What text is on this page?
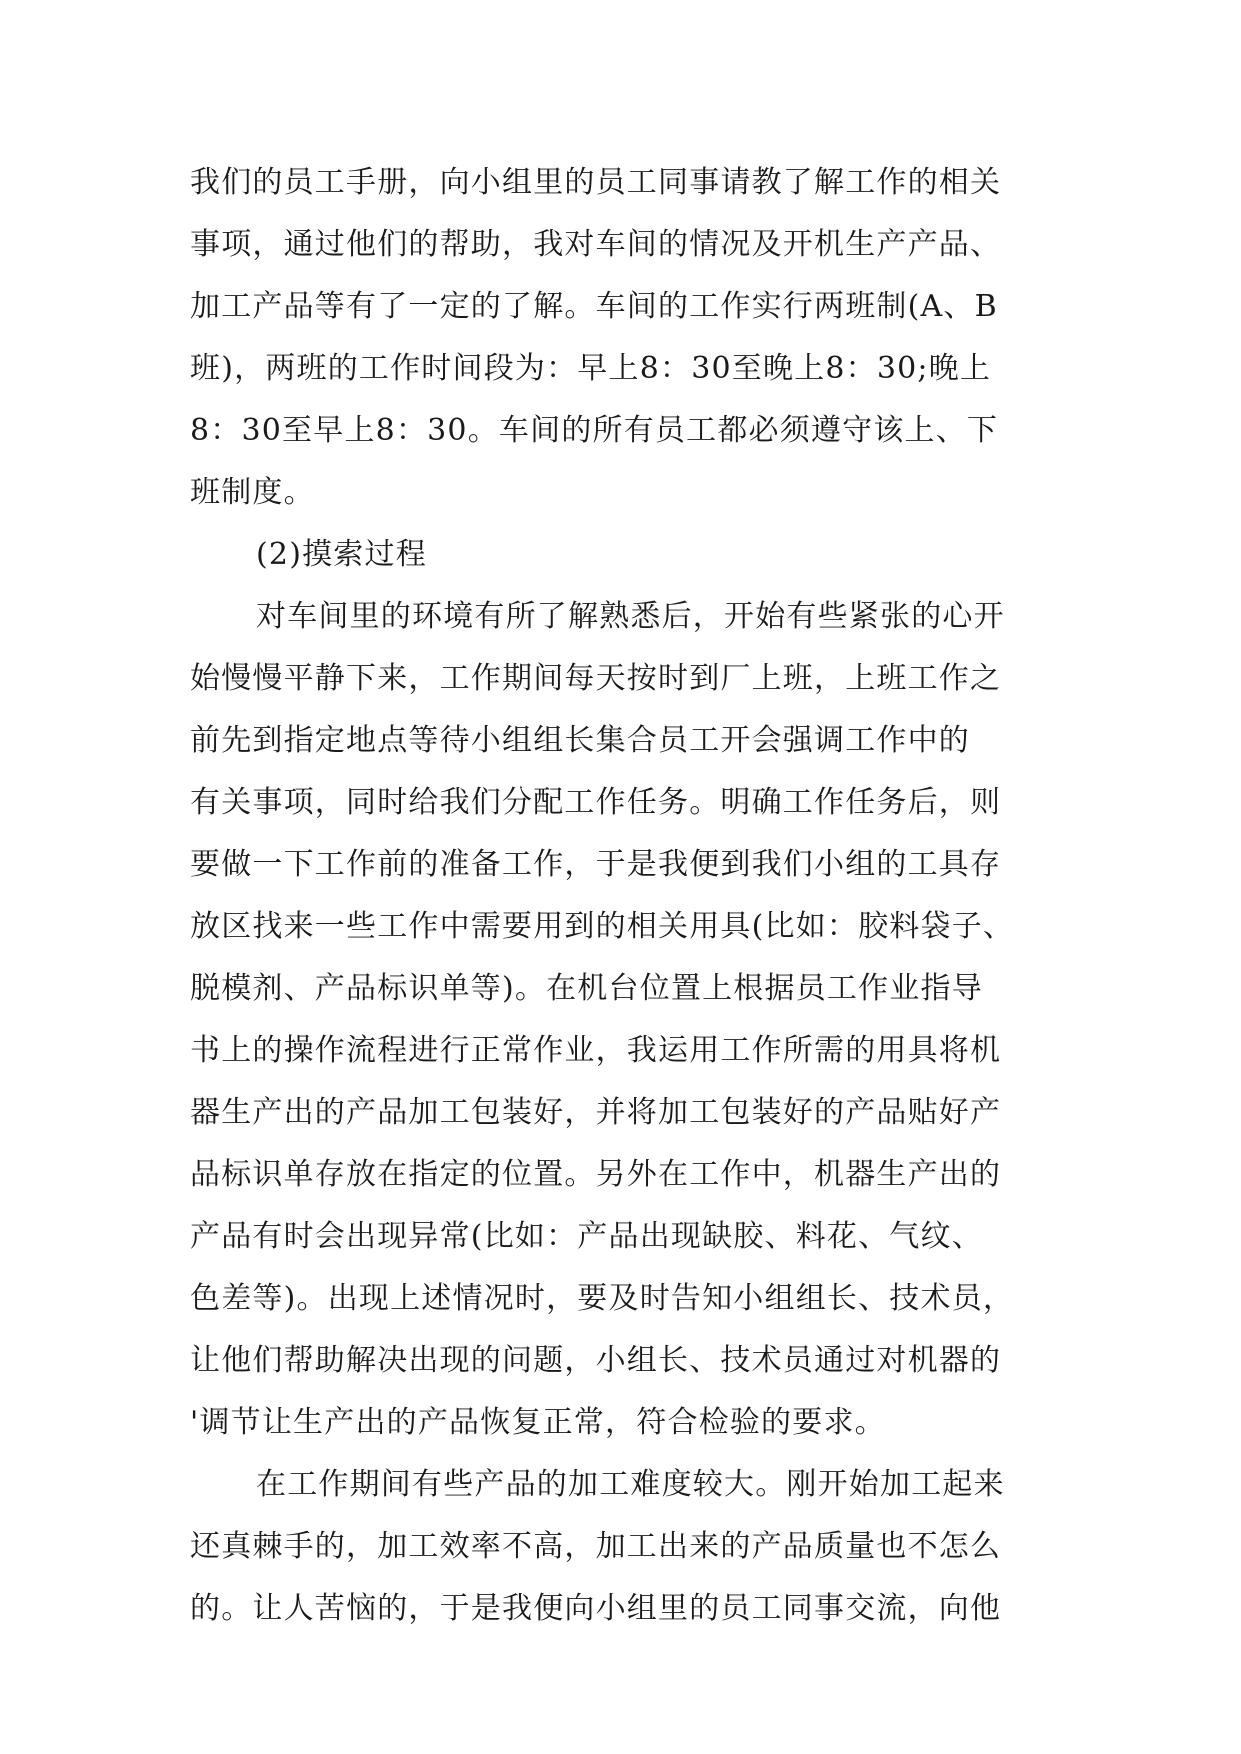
我们的员工手册，向小组里的员工同事请教了解工作的相关
事项，通过他们的帮助，我对车间的情况及开机生产产品、
加工产品等有了一定的了解。车间的工作实行两班制(A、B
班)，两班的工作时间段为：早上8：30至晚上8：30;晚上
8：30至早上8：30。车间的所有员工都必须遵守该上、下
班制度。
(2)摸索过程
对车间里的环境有所了解熟悉后，开始有些紧张的心开
始慢慢平静下来，工作期间每天按时到厂上班，上班工作之
前先到指定地点等待小组组长集合员工开会强调工作中的
有关事项，同时给我们分配工作任务。明确工作任务后，则
要做一下工作前的准备工作，于是我便到我们小组的工具存
放区找来一些工作中需要用到的相关用具(比如：胶料袋子、
脱模剂、产品标识单等)。在机台位置上根据员工作业指导
书上的操作流程进行正常作业，我运用工作所需的用具将机
器生产出的产品加工包装好，并将加工包装好的产品贴好产
品标识单存放在指定的位置。另外在工作中，机器生产出的
产品有时会出现异常(比如：产品出现缺胶、料花、气纹、
色差等)。出现上述情况时，要及时告知小组组长、技术员，
让他们帮助解决出现的问题，小组长、技术员通过对机器的
'调节让生产出的产品恢复正常，符合检验的要求。
在工作期间有些产品的加工难度较大。刚开始加工起来
还真棘手的，加工效率不高，加工出来的产品质量也不怎么
的。让人苦恼的，于是我便向小组里的员工同事交流，向他
